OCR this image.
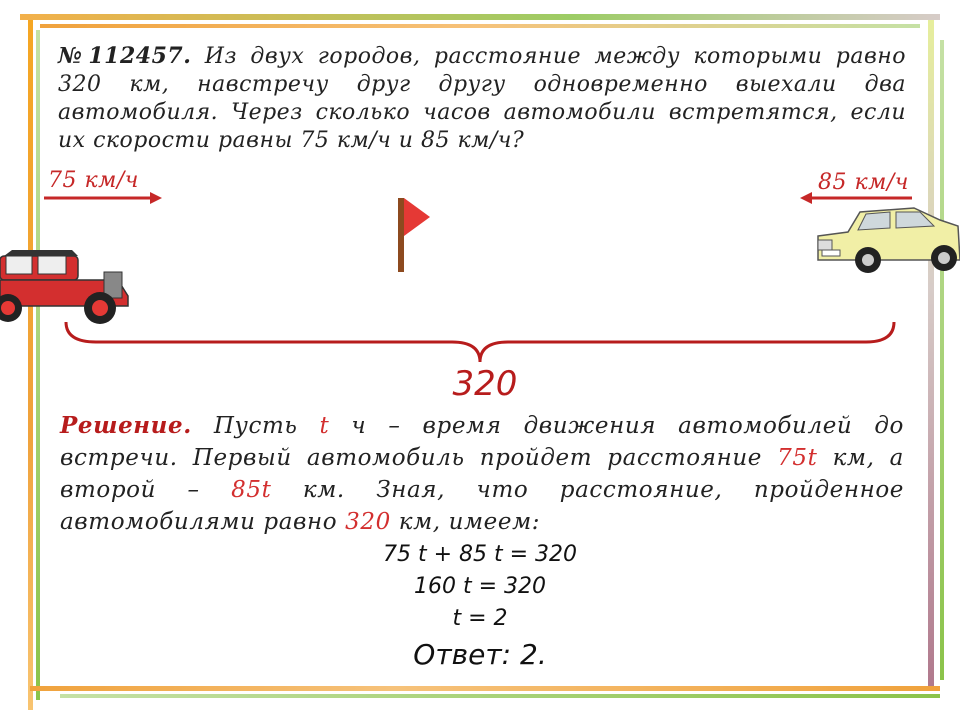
№112457. Из двух городов, расстояние между которыми равно 320 км, навстречу друг другу одновременно выехали два автомобиля. Через сколько часов автомобили встретятся, если их скорости равны 75 км/ч и 85 км/ч?
75 км/ч	85 км/ч
320
Решение. Пусть t ч – время движения автомобилей до встречи. Первый автомобиль пройдет расстояние 75t км, а второй – 85t км. Зная, что расстояние, пройденное автомобилями равно 320 км, имеем:
75 t + 85 t = 320
160 t = 320
t = 2
Ответ: 2.
